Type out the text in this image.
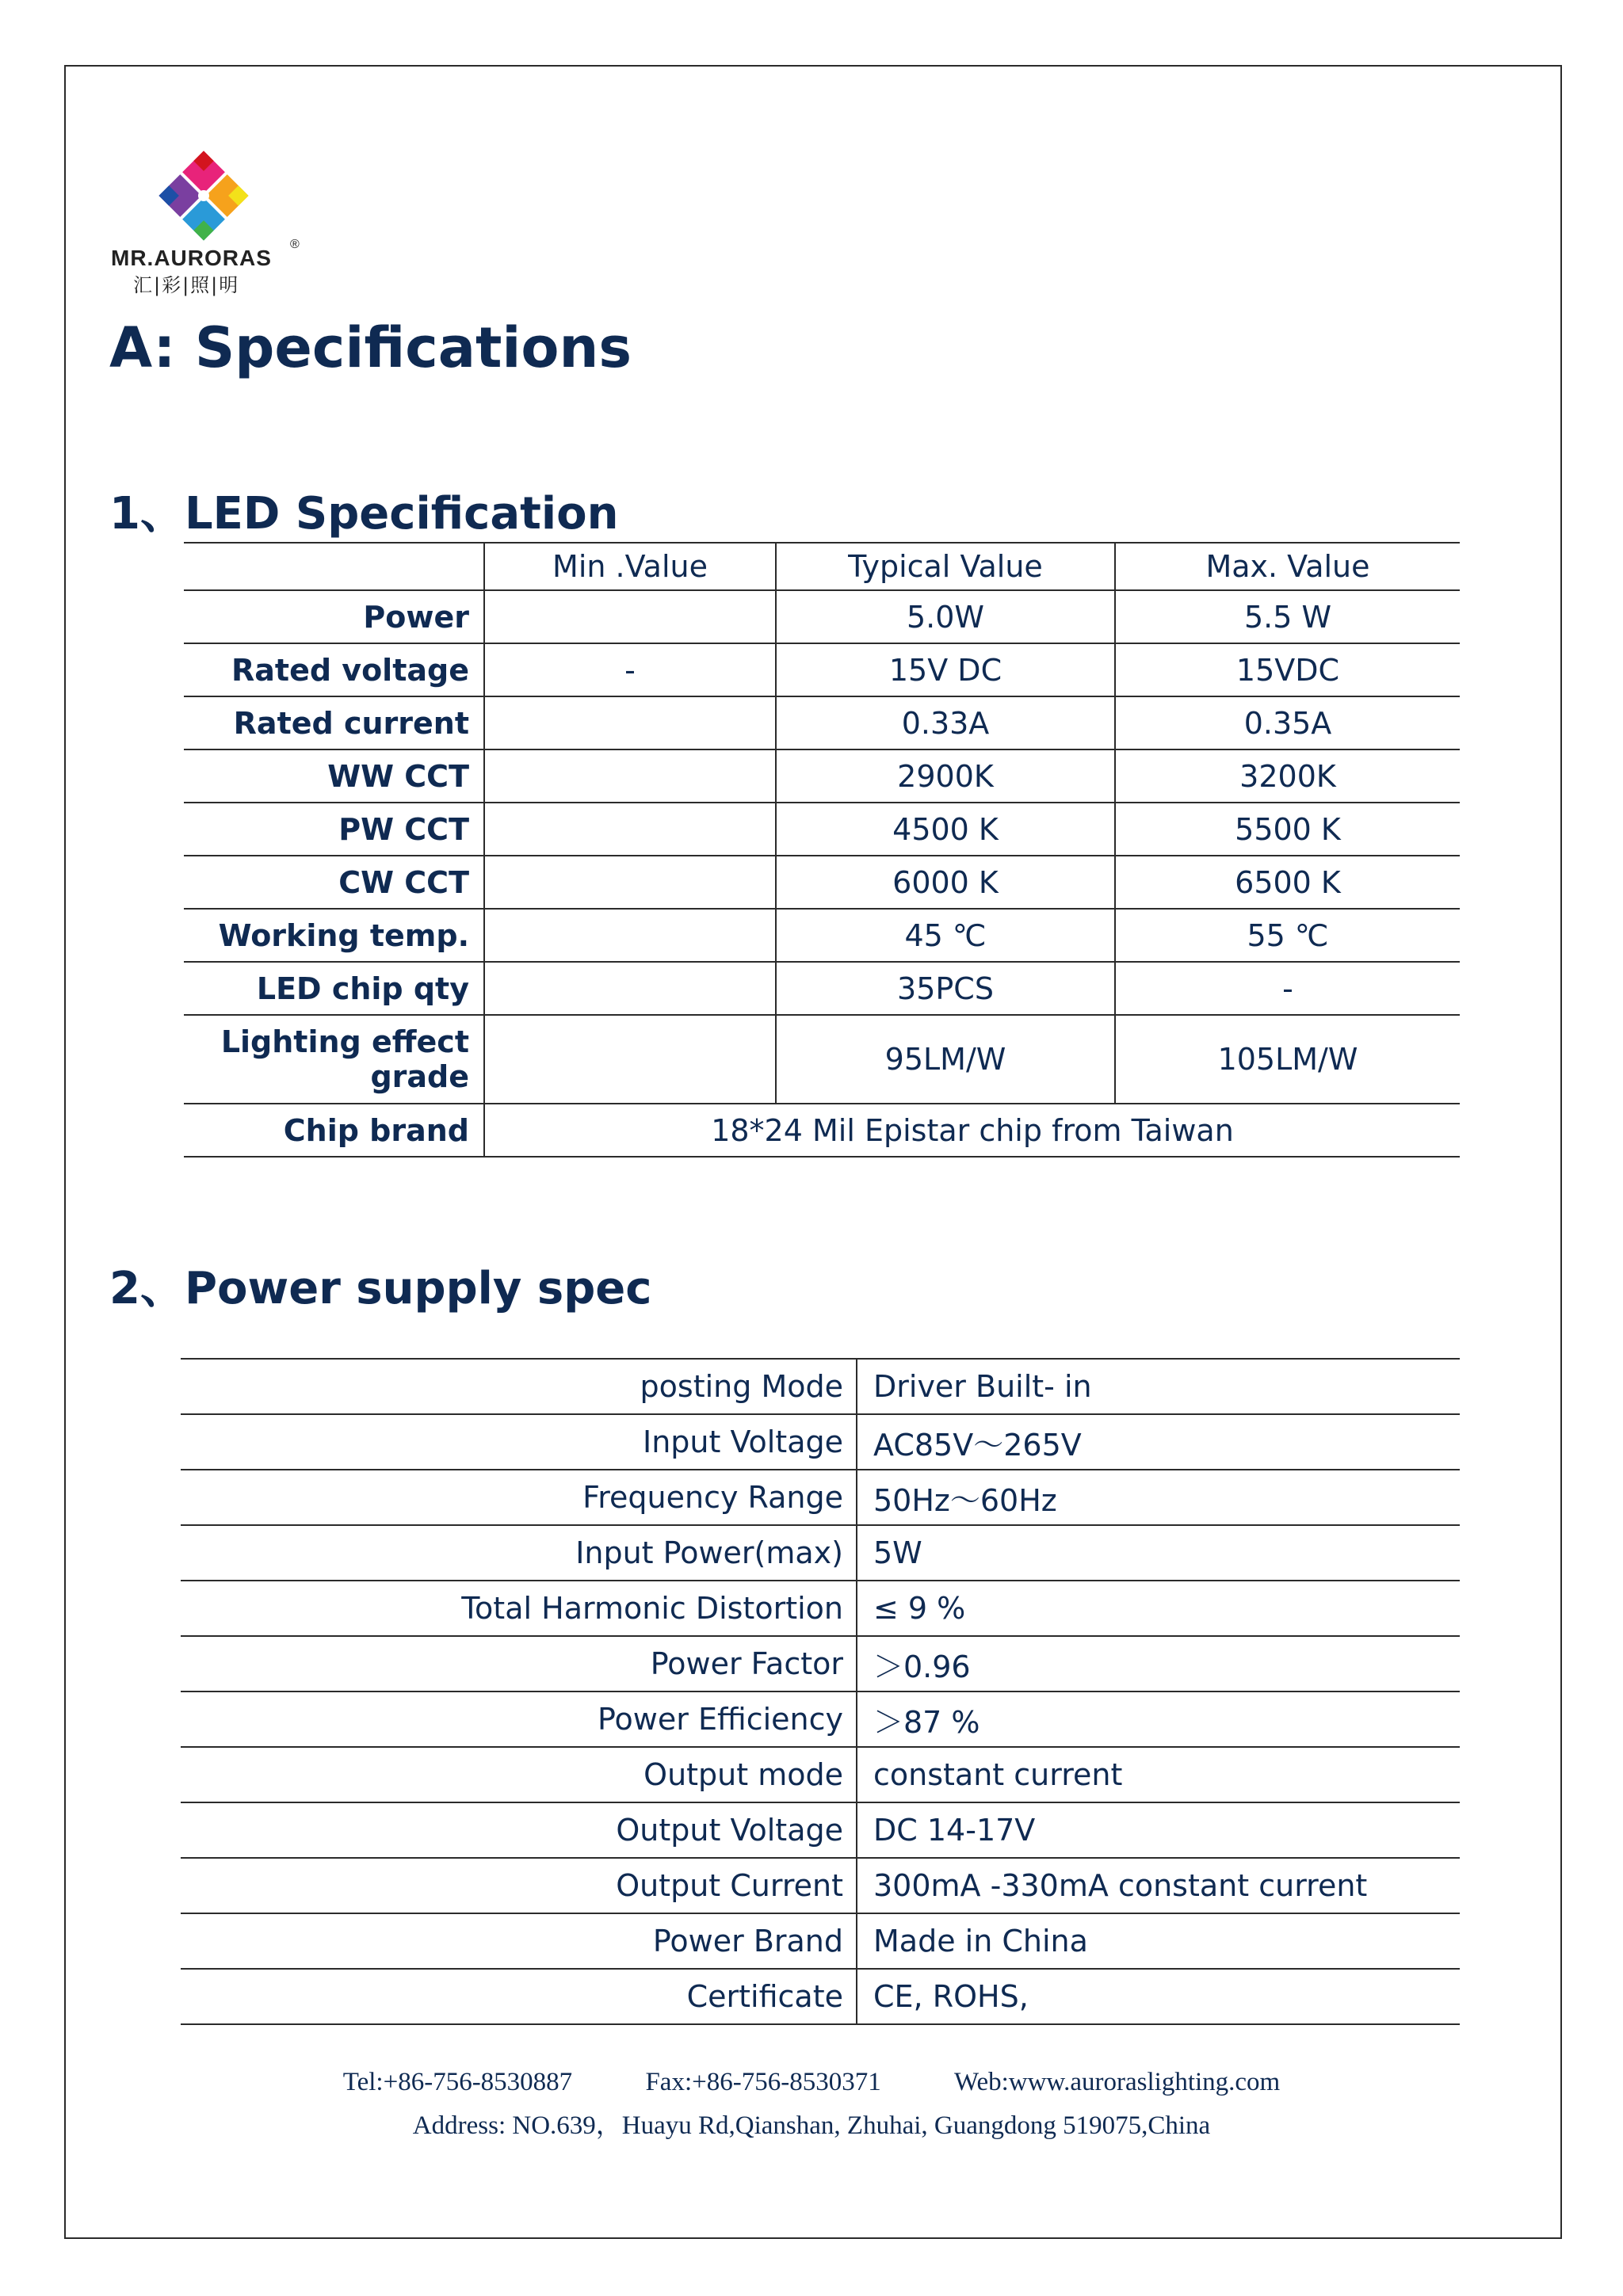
MR.AURORAS
®
汇|彩|照|明
A: Specifications
1、LED Specification
	Min .Value	Typical Value	Max. Value
Power		5.0W	5.5 W
Rated voltage	-	15V DC	15VDC
Rated current		0.33A	0.35A
WW CCT		2900K	3200K
PW CCT		4500 K	5500 K
CW CCT		6000 K	6500 K
Working temp.		45 ℃	55 ℃
LED chip qty		35PCS	-
Lighting effect grade		95LM/W	105LM/W
Chip brand	18*24 Mil Epistar chip from Taiwan		
2、Power supply spec
posting Mode	Driver Built- in
Input Voltage	AC85V～265V
Frequency Range	50Hz～60Hz
Input Power(max)	5W
Total Harmonic Distortion	≤ 9 %
Power Factor	＞0.96
Power Efficiency	＞87 %
Output mode	constant current
Output Voltage	DC 14-17V
Output Current	300mA -330mA constant current
Power Brand	Made in China
Certificate	CE, ROHS,
Tel:+86-756-8530887	Fax:+86-756-8530371	Web:www.auroraslighting.com
Address: NO.639，Huayu Rd,Qianshan, Zhuhai, Guangdong 519075,China
